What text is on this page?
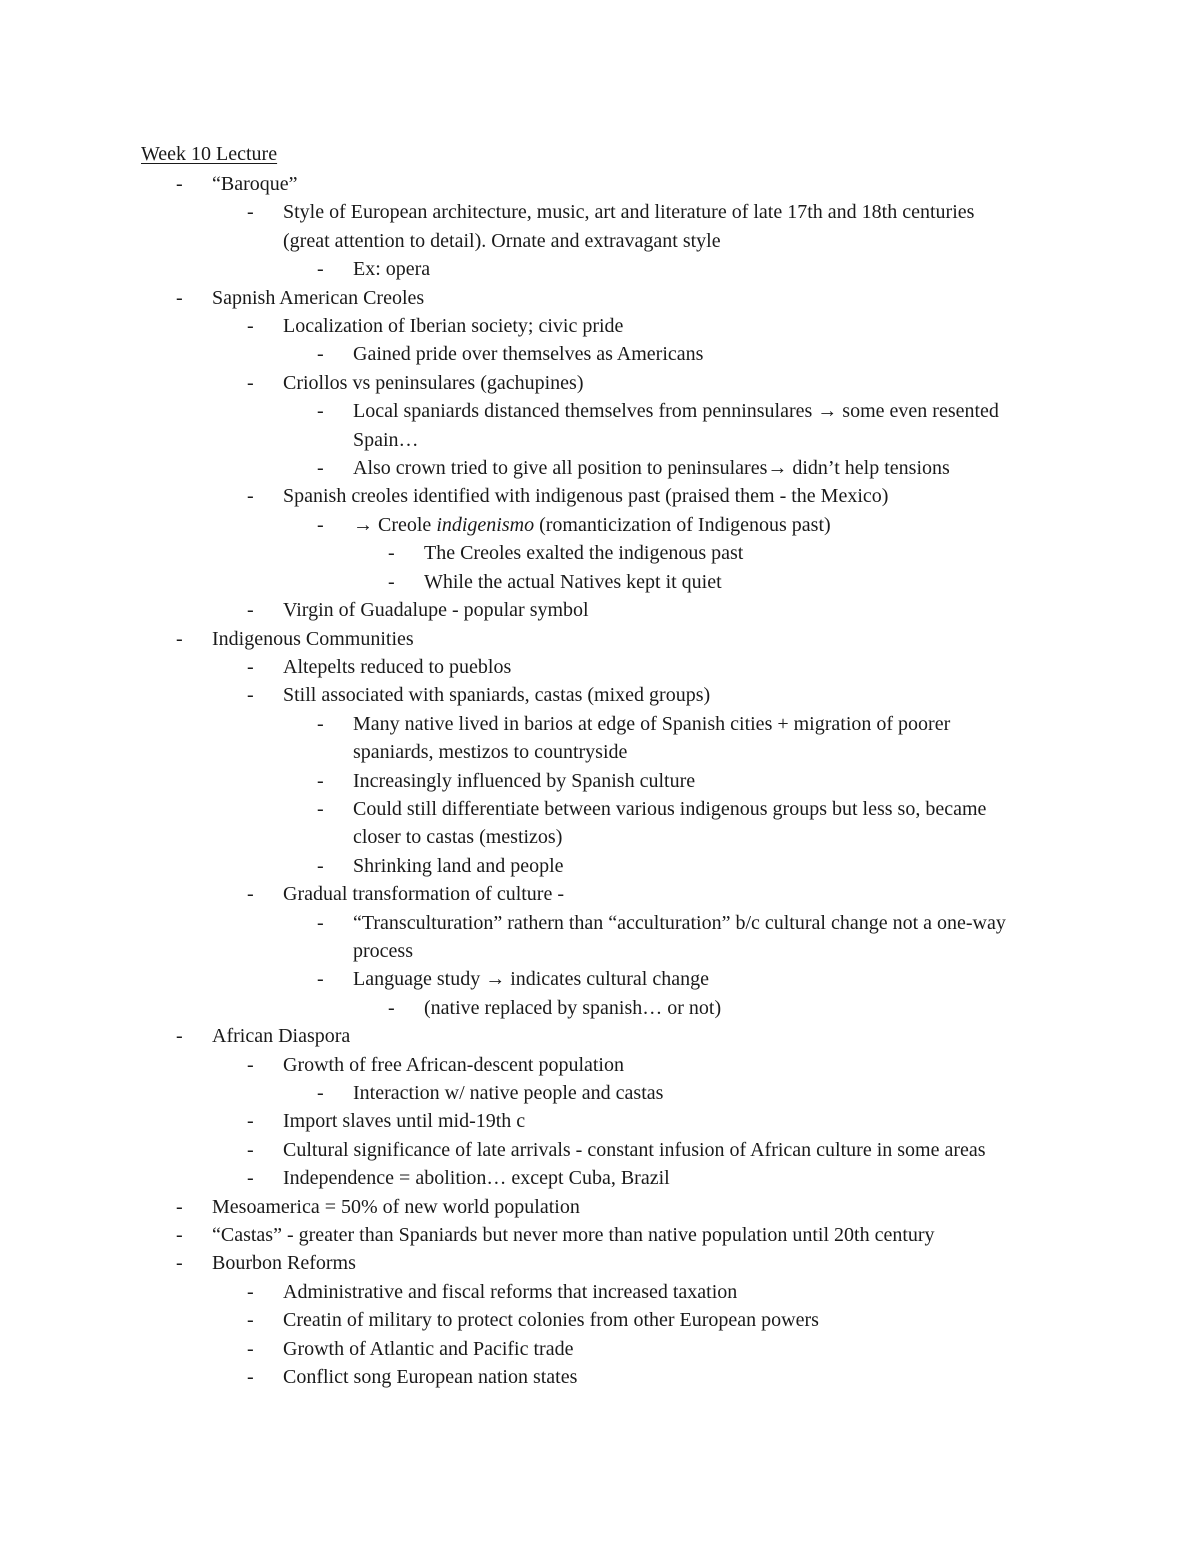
Week 10 Lecture
- “Baroque”
- Style of European architecture, music, art and literature of late 17th and 18th centuries
(great attention to detail). Ornate and extravagant style
- Ex: opera
- Sapnish American Creoles
- Localization of Iberian society; civic pride
- Gained pride over themselves as Americans
- Criollos vs peninsulares (gachupines)
- Local spaniards distanced themselves from penninsulares → some even resented
Spain…
- Also crown tried to give all position to peninsulares→ didn’t help tensions
- Spanish creoles identified with indigenous past (praised them - the Mexico)
- → Creole indigenismo (romanticization of Indigenous past)
- The Creoles exalted the indigenous past
- While the actual Natives kept it quiet
- Virgin of Guadalupe - popular symbol
- Indigenous Communities
- Altepelts reduced to pueblos
- Still associated with spaniards, castas (mixed groups)
- Many native lived in barios at edge of Spanish cities + migration of poorer
spaniards, mestizos to countryside
- Increasingly influenced by Spanish culture
- Could still differentiate between various indigenous groups but less so, became
closer to castas (mestizos)
- Shrinking land and people
- Gradual transformation of culture -
- “Transculturation” rathern than “acculturation” b/c cultural change not a one-way
process
- Language study → indicates cultural change
- (native replaced by spanish… or not)
- African Diaspora
- Growth of free African-descent population
- Interaction w/ native people and castas
- Import slaves until mid-19th c
- Cultural significance of late arrivals - constant infusion of African culture in some areas
- Independence = abolition… except Cuba, Brazil
- Mesoamerica = 50% of new world population
- “Castas” - greater than Spaniards but never more than native population until 20th century
- Bourbon Reforms
- Administrative and fiscal reforms that increased taxation
- Creatin of military to protect colonies from other European powers
- Growth of Atlantic and Pacific trade
- Conflict song European nation states
